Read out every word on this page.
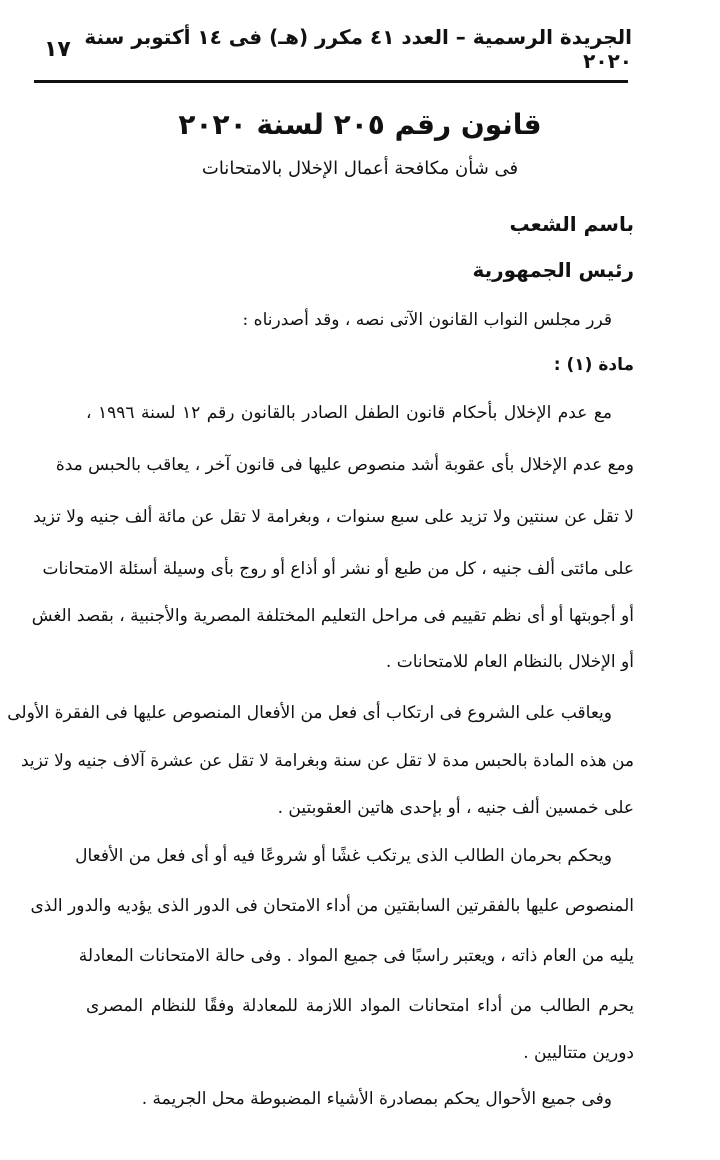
الجريدة الرسمية – العدد ٤١ مكرر (هـ) فى ١٤ أكتوبر سنة ٢٠٢٠
١٧
قانون رقم ٢٠٥ لسنة ٢٠٢٠
فى شأن مكافحة أعمال الإخلال بالامتحانات
باسم الشعب
رئيس الجمهورية
قرر مجلس النواب القانون الآتى نصه ، وقد أصدرناه :
مادة (١) :
مع عدم الإخلال بأحكام قانون الطفل الصادر بالقانون رقم ١٢ لسنة ١٩٩٦ ،
ومع عدم الإخلال بأى عقوبة أشد منصوص عليها فى قانون آخر ، يعاقب بالحبس مدة
لا تقل عن سنتين ولا تزيد على سبع سنوات ، وبغرامة لا تقل عن مائة ألف جنيه ولا تزيد
على مائتى ألف جنيه ، كل من طبع أو نشر أو أذاع أو روج بأى وسيلة أسئلة الامتحانات
أو أجوبتها أو أى نظم تقييم فى مراحل التعليم المختلفة المصرية والأجنبية ، بقصد الغش
أو الإخلال بالنظام العام للامتحانات .
ويعاقب على الشروع فى ارتكاب أى فعل من الأفعال المنصوص عليها فى الفقرة الأولى
من هذه المادة بالحبس مدة لا تقل عن سنة وبغرامة لا تقل عن عشرة آلاف جنيه ولا تزيد
على خمسين ألف جنيه ، أو بإحدى هاتين العقوبتين .
ويحكم بحرمان الطالب الذى يرتكب غشًا أو شروعًا فيه أو أى فعل من الأفعال
المنصوص عليها بالفقرتين السابقتين من أداء الامتحان فى الدور الذى يؤديه والدور الذى
يليه من العام ذاته ، ويعتبر راسبًا فى جميع المواد . وفى حالة الامتحانات المعادلة
يحرم الطالب من أداء امتحانات المواد اللازمة للمعادلة وفقًا للنظام المصرى
دورين متتاليين .
وفى جميع الأحوال يحكم بمصادرة الأشياء المضبوطة محل الجريمة .
